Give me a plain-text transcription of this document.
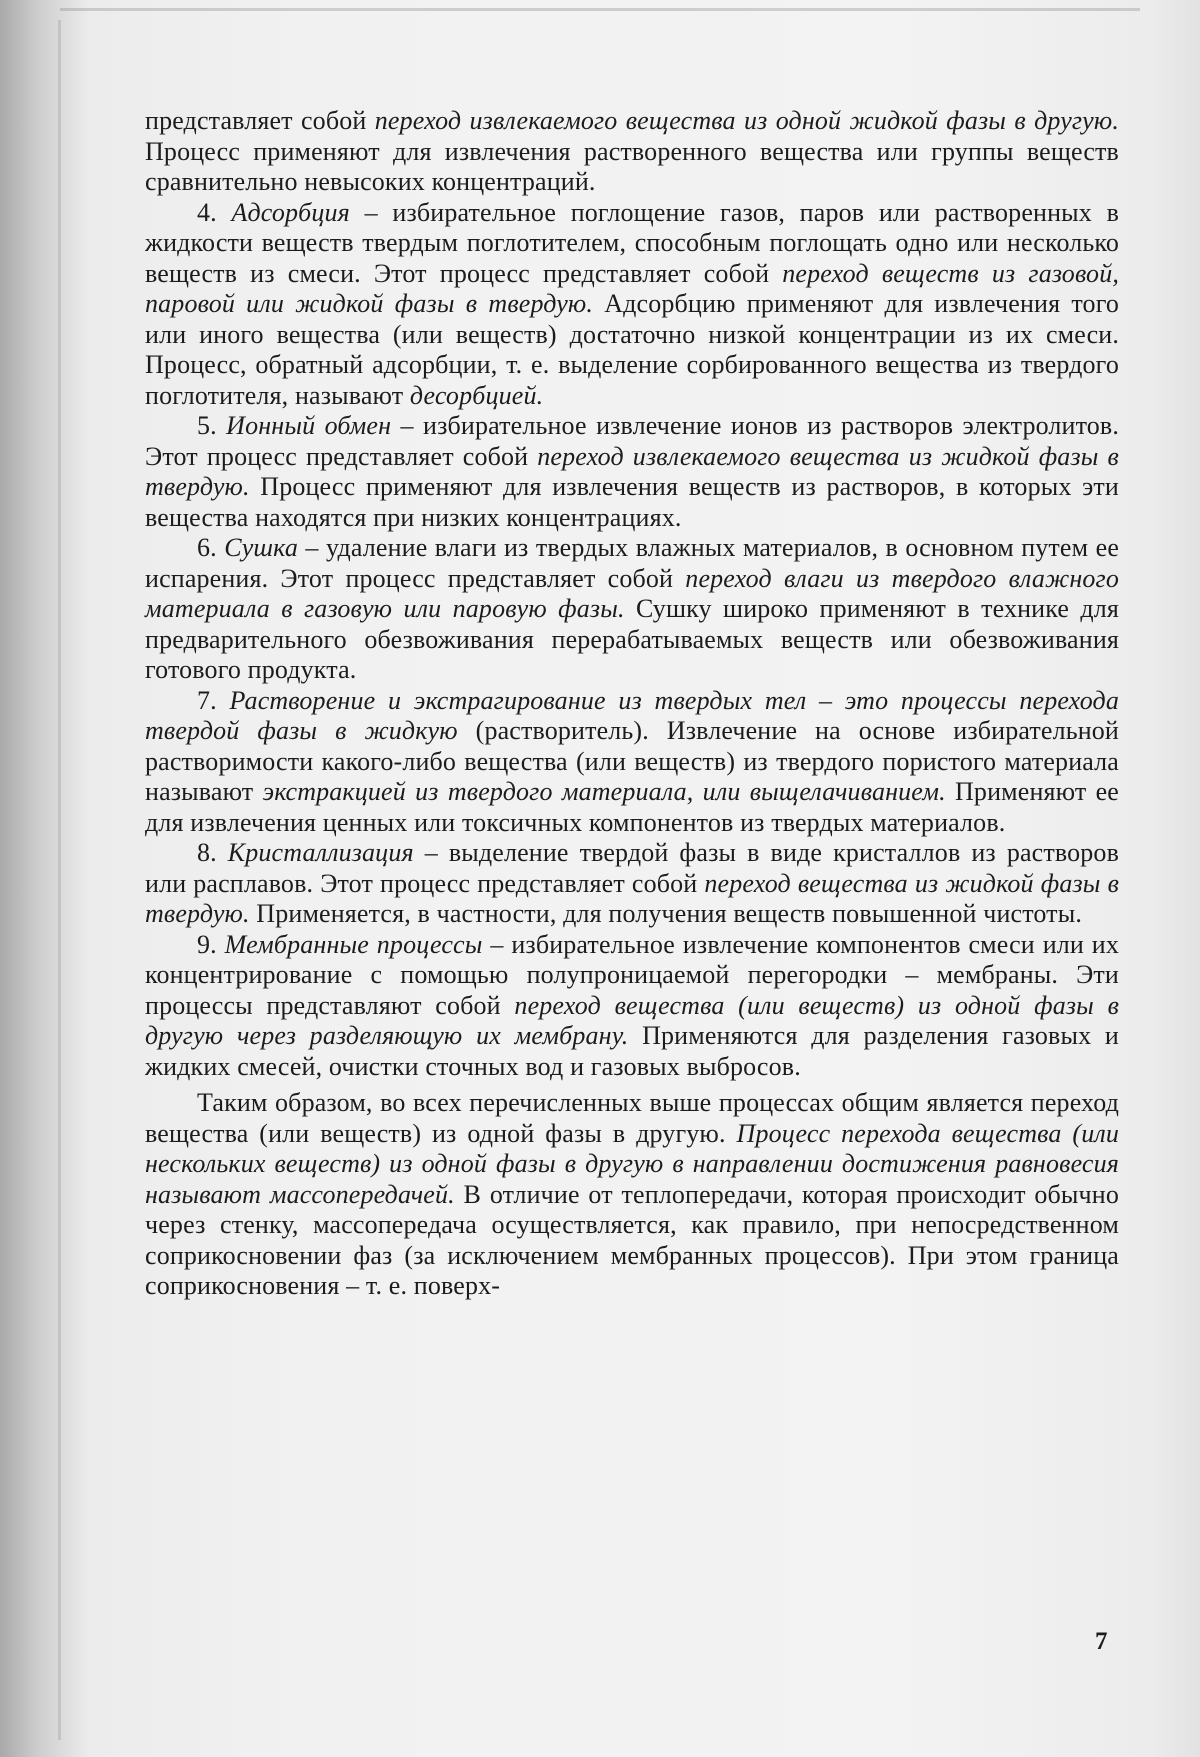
представляет собой переход извлекаемого вещества из одной жидкой фазы в другую. Процесс применяют для извлечения растворенного вещества или группы веществ сравнительно невысоких концентраций.

4. Адсорбция – избирательное поглощение газов, паров или растворенных в жидкости веществ твердым поглотителем, способным поглощать одно или несколько веществ из смеси. Этот процесс представляет собой переход веществ из газовой, паровой или жидкой фазы в твердую. Адсорбцию применяют для извлечения того или иного вещества (или веществ) достаточно низкой концентрации из их смеси. Процесс, обратный адсорбции, т. е. выделение сорбированного вещества из твердого поглотителя, называют десорбцией.

5. Ионный обмен – избирательное извлечение ионов из растворов электролитов. Этот процесс представляет собой переход извлекаемого вещества из жидкой фазы в твердую. Процесс применяют для извлечения веществ из растворов, в которых эти вещества находятся при низких концентрациях.

6. Сушка – удаление влаги из твердых влажных материалов, в основном путем ее испарения. Этот процесс представляет собой переход влаги из твердого влажного материала в газовую или паровую фазы. Сушку широко применяют в технике для предварительного обезвоживания перерабатываемых веществ или обезвоживания готового продукта.

7. Растворение и экстрагирование из твердых тел – это процессы перехода твердой фазы в жидкую (растворитель). Извлечение на основе избирательной растворимости какого-либо вещества (или веществ) из твердого пористого материала называют экстракцией из твердого материала, или выщелачиванием. Применяют ее для извлечения ценных или токсичных компонентов из твердых материалов.

8. Кристаллизация – выделение твердой фазы в виде кристаллов из растворов или расплавов. Этот процесс представляет собой переход вещества из жидкой фазы в твердую. Применяется, в частности, для получения веществ повышенной чистоты.

9. Мембранные процессы – избирательное извлечение компонентов смеси или их концентрирование с помощью полупроницаемой перегородки – мембраны. Эти процессы представляют собой переход вещества (или веществ) из одной фазы в другую через разделяющую их мембрану. Применяются для разделения газовых и жидких смесей, очистки сточных вод и газовых выбросов.

Таким образом, во всех перечисленных выше процессах общим является переход вещества (или веществ) из одной фазы в другую. Процесс перехода вещества (или нескольких веществ) из одной фазы в другую в направлении достижения равновесия называют массопередачей. В отличие от теплопередачи, которая происходит обычно через стенку, массопередача осуществляется, как правило, при непосредственном соприкосновении фаз (за исключением мембранных процессов). При этом граница соприкосновения – т. е. поверх-

7
